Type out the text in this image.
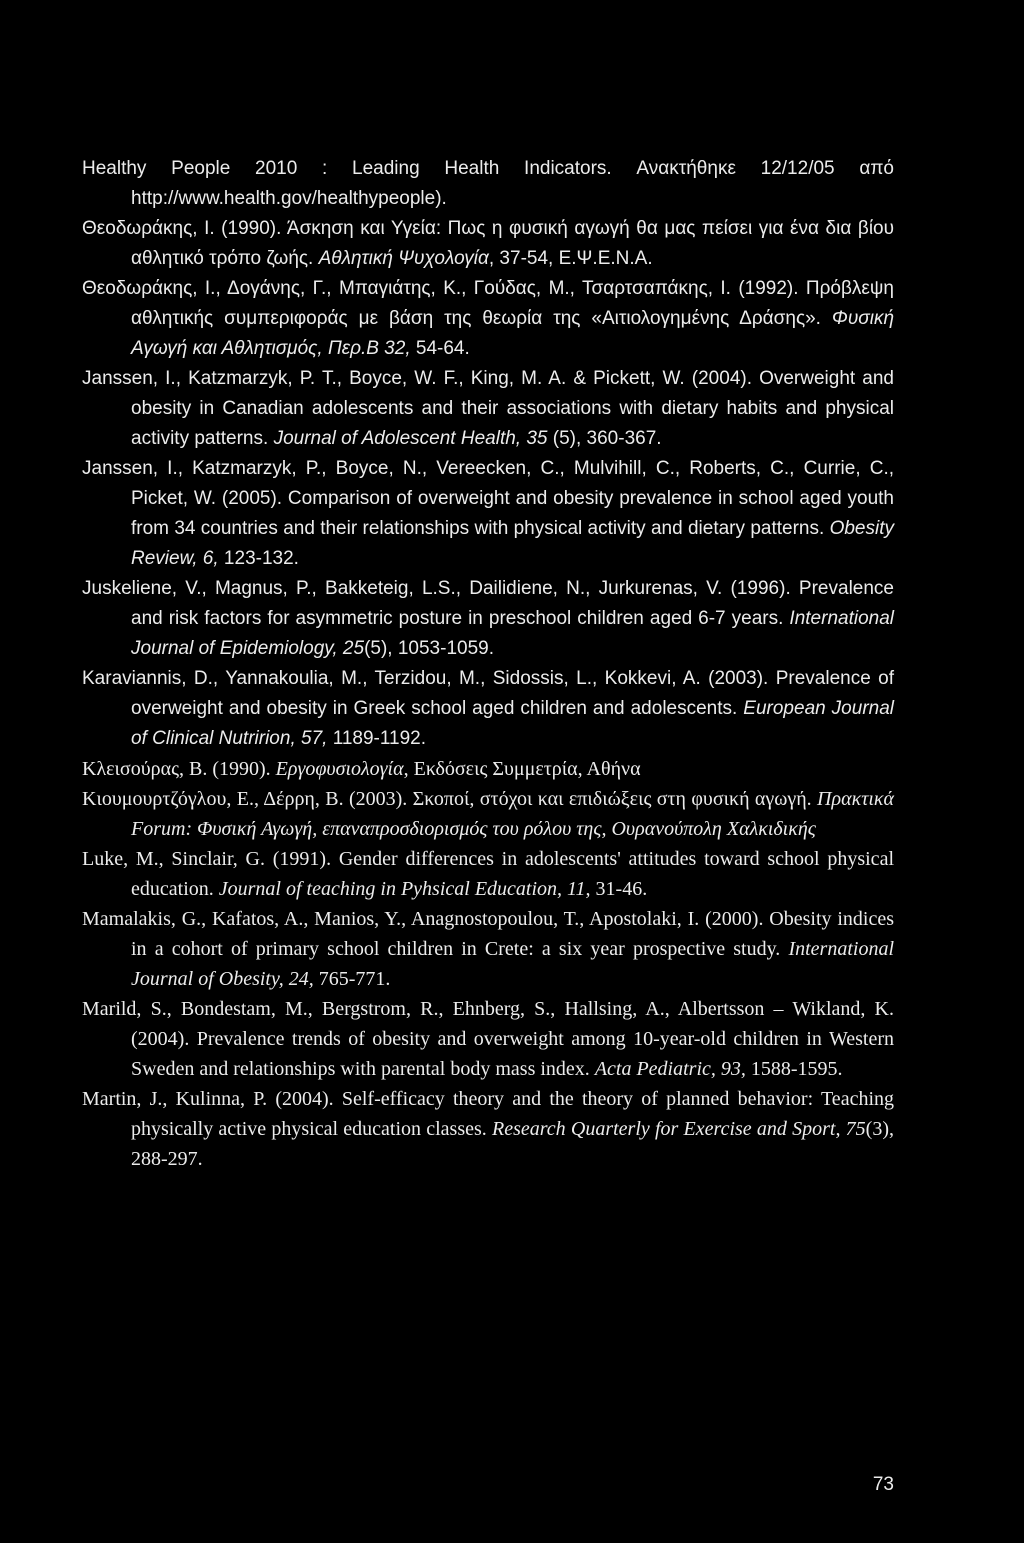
Healthy People 2010 : Leading Health Indicators. Ανακτήθηκε 12/12/05 από http://www.health.gov/healthypeople).

Θεοδωράκης, Ι. (1990). Άσκηση και Υγεία: Πως η φυσική αγωγή θα μας πείσει για ένα δια βίου αθλητικό τρόπο ζωής. Αθλητική Ψυχολογία, 37-54, Ε.Ψ.Ε.Ν.Α.

Θεοδωράκης, Ι., Δογάνης, Γ., Μπαγιάτης, Κ., Γούδας, Μ., Τσαρτσαπάκης, Ι. (1992). Πρόβλεψη αθλητικής συμπεριφοράς με βάση της θεωρία της «Αιτιολογημένης Δράσης». Φυσική Αγωγή και Αθλητισμός, Περ.Β 32, 54-64.

Janssen, I., Katzmarzyk, P. T., Boyce, W. F., King, M. A. & Pickett, W. (2004). Overweight and obesity in Canadian adolescents and their associations with dietary habits and physical activity patterns. Journal of Adolescent Health, 35 (5), 360-367.

Janssen, I., Katzmarzyk, P., Boyce, N., Vereecken, C., Mulvihill, C., Roberts, C., Currie, C., Picket, W. (2005). Comparison of overweight and obesity prevalence in school aged youth from 34 countries and their relationships with physical activity and dietary patterns. Obesity Review, 6, 123-132.

Juskeliene, V., Magnus, P., Bakketeig, L.S., Dailidiene, N., Jurkurenas, V. (1996). Prevalence and risk factors for asymmetric posture in preschool children aged 6-7 years. International Journal of Epidemiology, 25(5), 1053-1059.

Karaviannis, D., Yannakoulia, M., Terzidou, M., Sidossis, L., Kokkevi, A. (2003). Prevalence of overweight and obesity in Greek school aged children and adolescents. European Journal of Clinical Nutririon, 57, 1189-1192.

Κλεισούρας, Β. (1990). Εργοφυσιολογία, Εκδόσεις Συμμετρία, Αθήνα

Κιουμουρτζόγλου, Ε., Δέρρη, Β. (2003). Σκοποί, στόχοι και επιδιώξεις στη φυσική αγωγή. Πρακτικά Forum: Φυσική Αγωγή, επαναπροσδιορισμός του ρόλου της, Ουρανούπολη Χαλκιδικής

Luke, M., Sinclair, G. (1991). Gender differences in adolescents' attitudes toward school physical education. Journal of teaching in Pyhsical Education, 11, 31-46.

Mamalakis, G., Kafatos, A., Manios, Y., Anagnostopoulou, T., Apostolaki, I. (2000). Obesity indices in a cohort of primary school children in Crete: a six year prospective study. International Journal of Obesity, 24, 765-771.

Marild, S., Bondestam, M., Bergstrom, R., Ehnberg, S., Hallsing, A., Albertsson – Wikland, K. (2004). Prevalence trends of obesity and overweight among 10-year-old children in Western Sweden and relationships with parental body mass index. Acta Pediatric, 93, 1588-1595.

Martin, J., Kulinna, P. (2004). Self-efficacy theory and the theory of planned behavior: Teaching physically active physical education classes. Research Quarterly for Exercise and Sport, 75(3), 288-297.

73
